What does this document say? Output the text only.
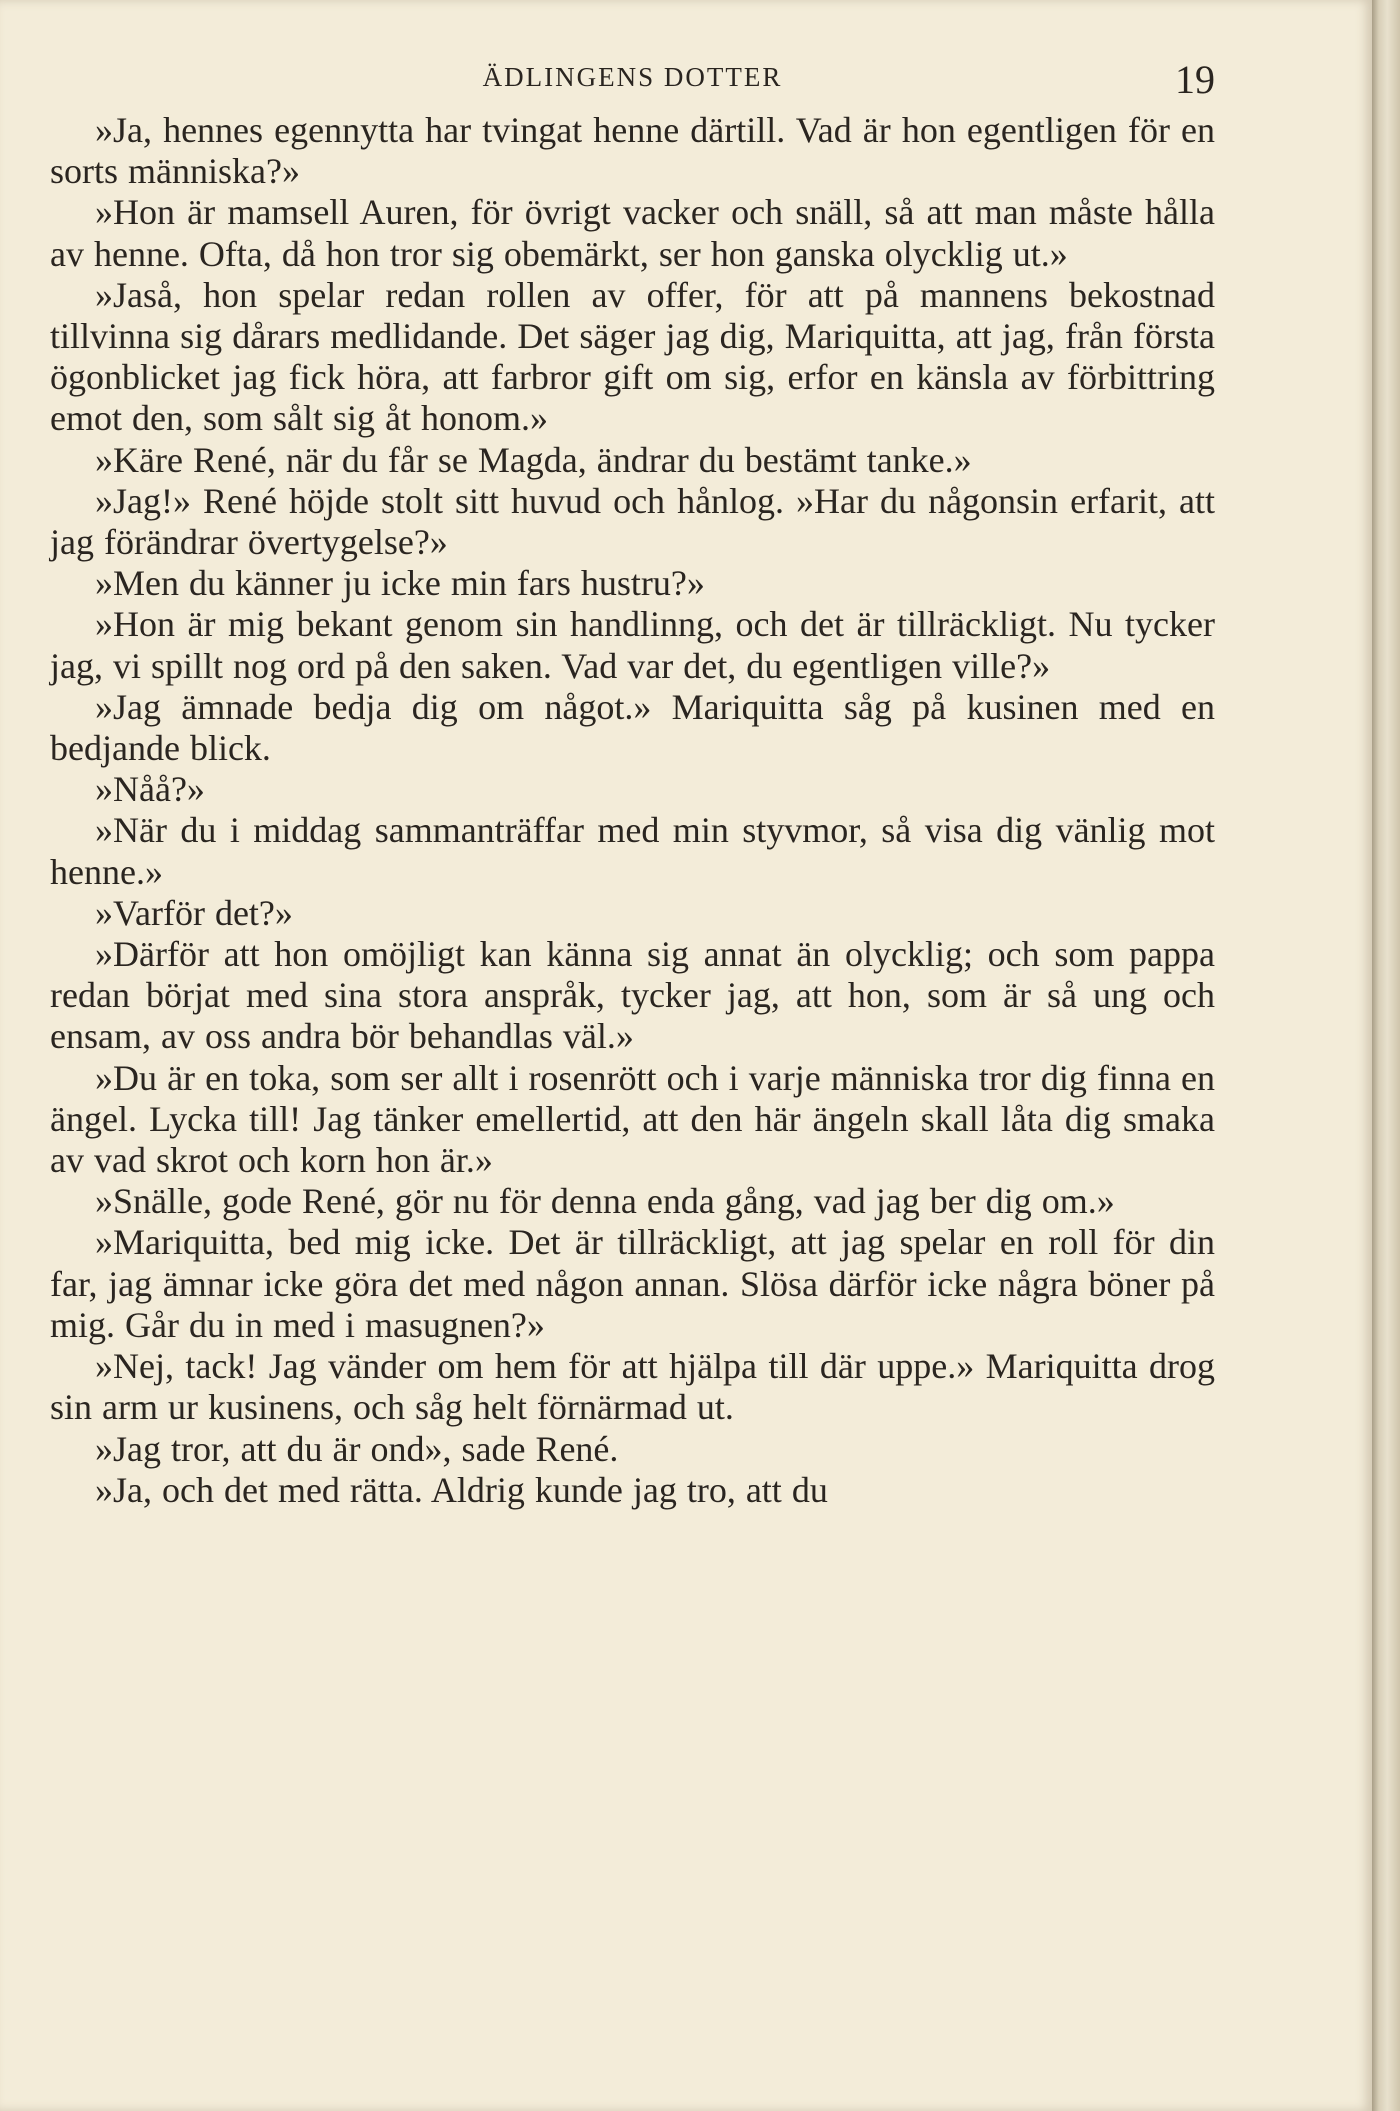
ÄDLINGENS DOTTER	19

»Ja, hennes egennytta har tvingat henne därtill. Vad är hon egentligen för en sorts människa?»

»Hon är mamsell Auren, för övrigt vacker och snäll, så att man måste hålla av henne. Ofta, då hon tror sig obemärkt, ser hon ganska olycklig ut.»

»Jaså, hon spelar redan rollen av offer, för att på mannens bekostnad tillvinna sig dårars medlidande. Det säger jag dig, Mariquitta, att jag, från första ögonblicket jag fick höra, att farbror gift om sig, erfor en känsla av förbittring emot den, som sålt sig åt honom.»

»Käre René, när du får se Magda, ändrar du bestämt tanke.»

»Jag!» René höjde stolt sitt huvud och hånlog. »Har du någonsin erfarit, att jag förändrar övertygelse?»

»Men du känner ju icke min fars hustru?»

»Hon är mig bekant genom sin handlinng, och det är tillräckligt. Nu tycker jag, vi spillt nog ord på den saken. Vad var det, du egentligen ville?»

»Jag ämnade bedja dig om något.» Mariquitta såg på kusinen med en bedjande blick.

»Nåå?»

»När du i middag sammanträffar med min styvmor, så visa dig vänlig mot henne.»

»Varför det?»

»Därför att hon omöjligt kan känna sig annat än olycklig; och som pappa redan börjat med sina stora anspråk, tycker jag, att hon, som är så ung och ensam, av oss andra bör behandlas väl.»

»Du är en toka, som ser allt i rosenrött och i varje människa tror dig finna en ängel. Lycka till! Jag tänker emellertid, att den här ängeln skall låta dig smaka av vad skrot och korn hon är.»

»Snälle, gode René, gör nu för denna enda gång, vad jag ber dig om.»

»Mariquitta, bed mig icke. Det är tillräckligt, att jag spelar en roll för din far, jag ämnar icke göra det med någon annan. Slösa därför icke några böner på mig. Går du in med i masugnen?»

»Nej, tack! Jag vänder om hem för att hjälpa till där uppe.» Mariquitta drog sin arm ur kusinens, och såg helt förnärmad ut.

»Jag tror, att du är ond», sade René.

»Ja, och det med rätta. Aldrig kunde jag tro, att du
